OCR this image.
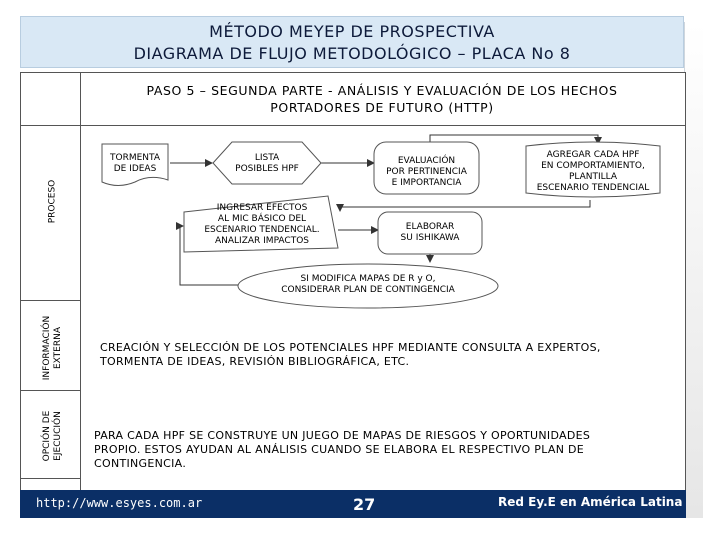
MÉTODO MEYEP DE PROSPECTIVA
DIAGRAMA DE FLUJO METODOLÓGICO – PLACA No 8
PASO 5 – SEGUNDA PARTE - ANÁLISIS Y EVALUACIÓN DE LOS HECHOS
PORTADORES DE FUTURO (HTTP)
PROCESO
INFORMACIÓN EXTERNA
OPCIÓN DE EJECUCIÓN
TORMENTA
DE IDEAS
LISTA
POSIBLES HPF
EVALUACIÓN
POR PERTINENCIA
E IMPORTANCIA
AGREGAR CADA HPF
EN COMPORTAMIENTO,
PLANTILLA
ESCENARIO TENDENCIAL
INGRESAR EFECTOS
AL MIC BÁSICO DEL
ESCENARIO TENDENCIAL.
ANALIZAR IMPACTOS
ELABORAR
SU ISHIKAWA
SI MODIFICA MAPAS DE R y O,
CONSIDERAR PLAN DE CONTINGENCIA
CREACIÓN Y SELECCIÓN DE LOS POTENCIALES HPF MEDIANTE CONSULTA A EXPERTOS,
TORMENTA DE IDEAS, REVISIÓN BIBLIOGRÁFICA, ETC.
PARA CADA HPF SE CONSTRUYE UN JUEGO DE MAPAS DE RIESGOS Y OPORTUNIDADES
PROPIO. ESTOS AYUDAN AL ANÁLISIS CUANDO SE ELABORA EL RESPECTIVO PLAN DE
CONTINGENCIA.
http://www.esyes.com.ar	27	Red Ey.E en América Latina
